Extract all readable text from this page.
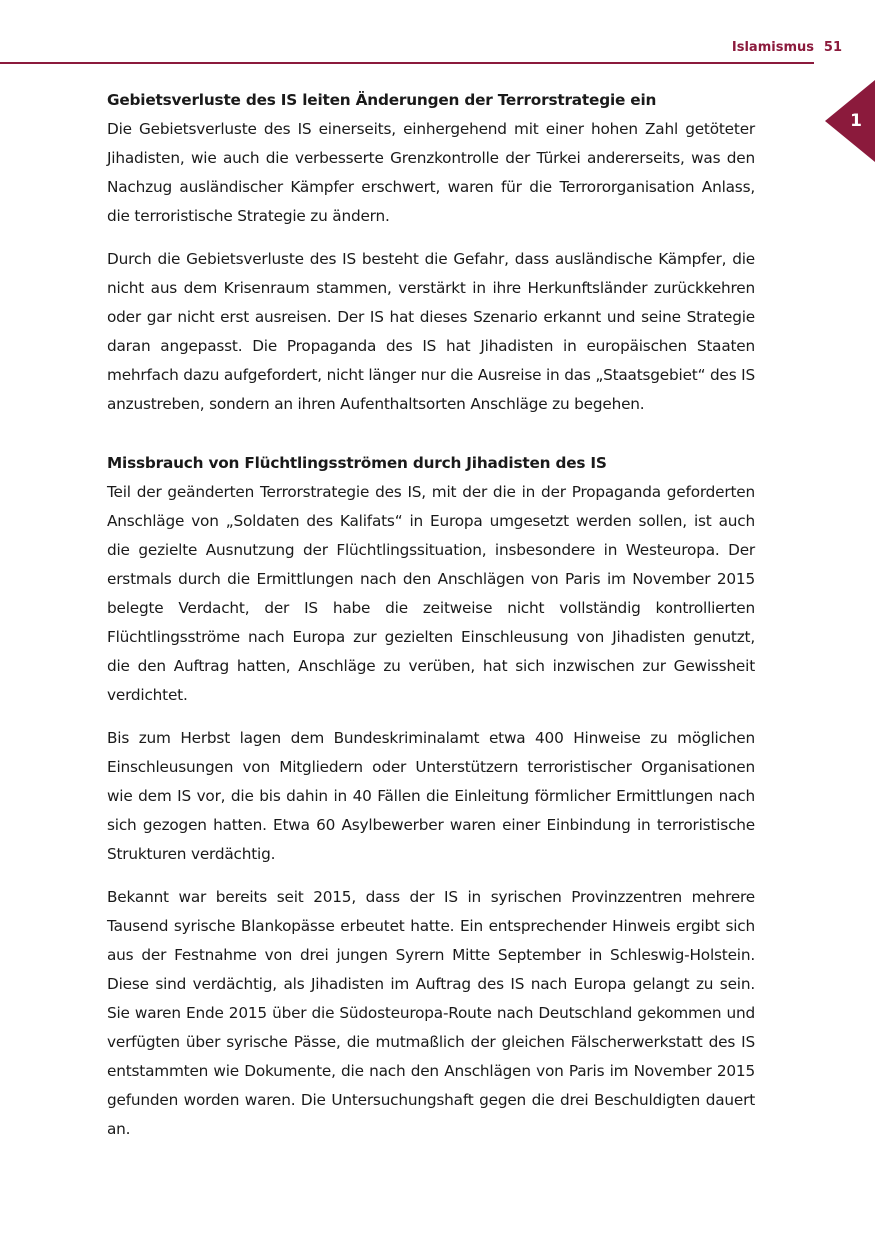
Islamismus 51
1
Gebietsverluste des IS leiten Änderungen der Terrorstrategie ein

Die Gebietsverluste des IS einerseits, einhergehend mit einer hohen Zahl getöteter Jihadisten, wie auch die verbesserte Grenzkontrolle der Türkei andererseits, was den Nachzug ausländischer Kämpfer erschwert, waren für die Terrororganisation Anlass, die terroristische Strategie zu ändern.

Durch die Gebietsverluste des IS besteht die Gefahr, dass ausländische Kämpfer, die nicht aus dem Krisenraum stammen, verstärkt in ihre Herkunftsländer zurückkehren oder gar nicht erst ausreisen. Der IS hat dieses Szenario erkannt und seine Strategie daran angepasst. Die Propaganda des IS hat Jihadisten in europäischen Staaten mehrfach dazu aufgefordert, nicht länger nur die Ausreise in das „Staatsgebiet“ des IS anzustreben, sondern an ihren Aufenthaltsorten Anschläge zu begehen.

Missbrauch von Flüchtlingsströmen durch Jihadisten des IS

Teil der geänderten Terrorstrategie des IS, mit der die in der Propaganda geforderten Anschläge von „Soldaten des Kalifats“ in Europa umgesetzt werden sollen, ist auch die gezielte Ausnutzung der Flüchtlingssituation, insbesondere in Westeuropa. Der erstmals durch die Ermittlungen nach den Anschlägen von Paris im November 2015 belegte Verdacht, der IS habe die zeitweise nicht vollständig kontrollierten Flüchtlingsströme nach Europa zur gezielten Einschleusung von Jihadisten genutzt, die den Auftrag hatten, Anschläge zu verüben, hat sich inzwischen zur Gewissheit verdichtet.

Bis zum Herbst lagen dem Bundeskriminalamt etwa 400 Hinweise zu möglichen Einschleusungen von Mitgliedern oder Unterstützern terroristischer Organisationen wie dem IS vor, die bis dahin in 40 Fällen die Einleitung förmlicher Ermittlungen nach sich gezogen hatten. Etwa 60 Asylbewerber waren einer Einbindung in terroristische Strukturen verdächtig.

Bekannt war bereits seit 2015, dass der IS in syrischen Provinzzentren mehrere Tausend syrische Blankopässe erbeutet hatte. Ein entsprechender Hinweis ergibt sich aus der Festnahme von drei jungen Syrern Mitte September in Schleswig-Holstein. Diese sind verdächtig, als Jihadisten im Auftrag des IS nach Europa gelangt zu sein. Sie waren Ende 2015 über die Südosteuropa-Route nach Deutschland gekommen und verfügten über syrische Pässe, die mutmaßlich der gleichen Fälscherwerkstatt des IS entstammten wie Dokumente, die nach den Anschlägen von Paris im November 2015 gefunden worden waren. Die Untersuchungshaft gegen die drei Beschuldigten dauert an.
